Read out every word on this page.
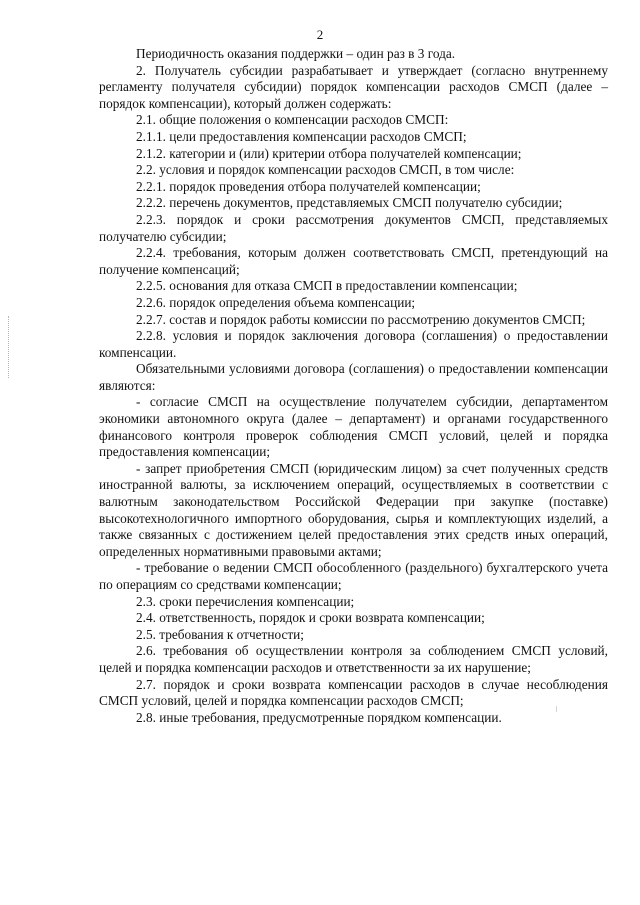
2

Периодичность оказания поддержки – один раз в 3 года.

2. Получатель субсидии разрабатывает и утверждает (согласно внутреннему регламенту получателя субсидии) порядок компенсации расходов СМСП (далее – порядок компенсации), который должен содержать:

2.1. общие положения о компенсации расходов СМСП:

2.1.1. цели предоставления компенсации расходов СМСП;

2.1.2. категории и (или) критерии отбора получателей компенсации;

2.2. условия и порядок компенсации расходов СМСП, в том числе:

2.2.1. порядок проведения отбора получателей компенсации;

2.2.2. перечень документов, представляемых СМСП получателю субсидии;

2.2.3. порядок и сроки рассмотрения документов СМСП, представляемых получателю субсидии;

2.2.4. требования, которым должен соответствовать СМСП, претендующий на получение компенсаций;

2.2.5. основания для отказа СМСП в предоставлении компенсации;

2.2.6. порядок определения объема компенсации;

2.2.7. состав и порядок работы комиссии по рассмотрению документов СМСП;

2.2.8. условия и порядок заключения договора (соглашения) о предоставлении компенсации.

Обязательными условиями договора (соглашения) о предоставлении компенсации являются:

- согласие СМСП на осуществление получателем субсидии, департаментом экономики автономного округа (далее – департамент) и органами государственного финансового контроля проверок соблюдения СМСП условий, целей и порядка предоставления компенсации;

- запрет приобретения СМСП (юридическим лицом) за счет полученных средств иностранной валюты, за исключением операций, осуществляемых в соответствии с валютным законодательством Российской Федерации при закупке (поставке) высокотехнологичного импортного оборудования, сырья и комплектующих изделий, а также связанных с достижением целей предоставления этих средств иных операций, определенных нормативными правовыми актами;

- требование о ведении СМСП обособленного (раздельного) бухгалтерского учета по операциям со средствами компенсации;

2.3. сроки перечисления компенсации;

2.4. ответственность, порядок и сроки возврата компенсации;

2.5. требования к отчетности;

2.6. требования об осуществлении контроля за соблюдением СМСП условий, целей и порядка компенсации расходов и ответственности за их нарушение;

2.7. порядок и сроки возврата компенсации расходов в случае несоблюдения СМСП условий, целей и порядка компенсации расходов СМСП;

2.8. иные требования, предусмотренные порядком компенсации.
